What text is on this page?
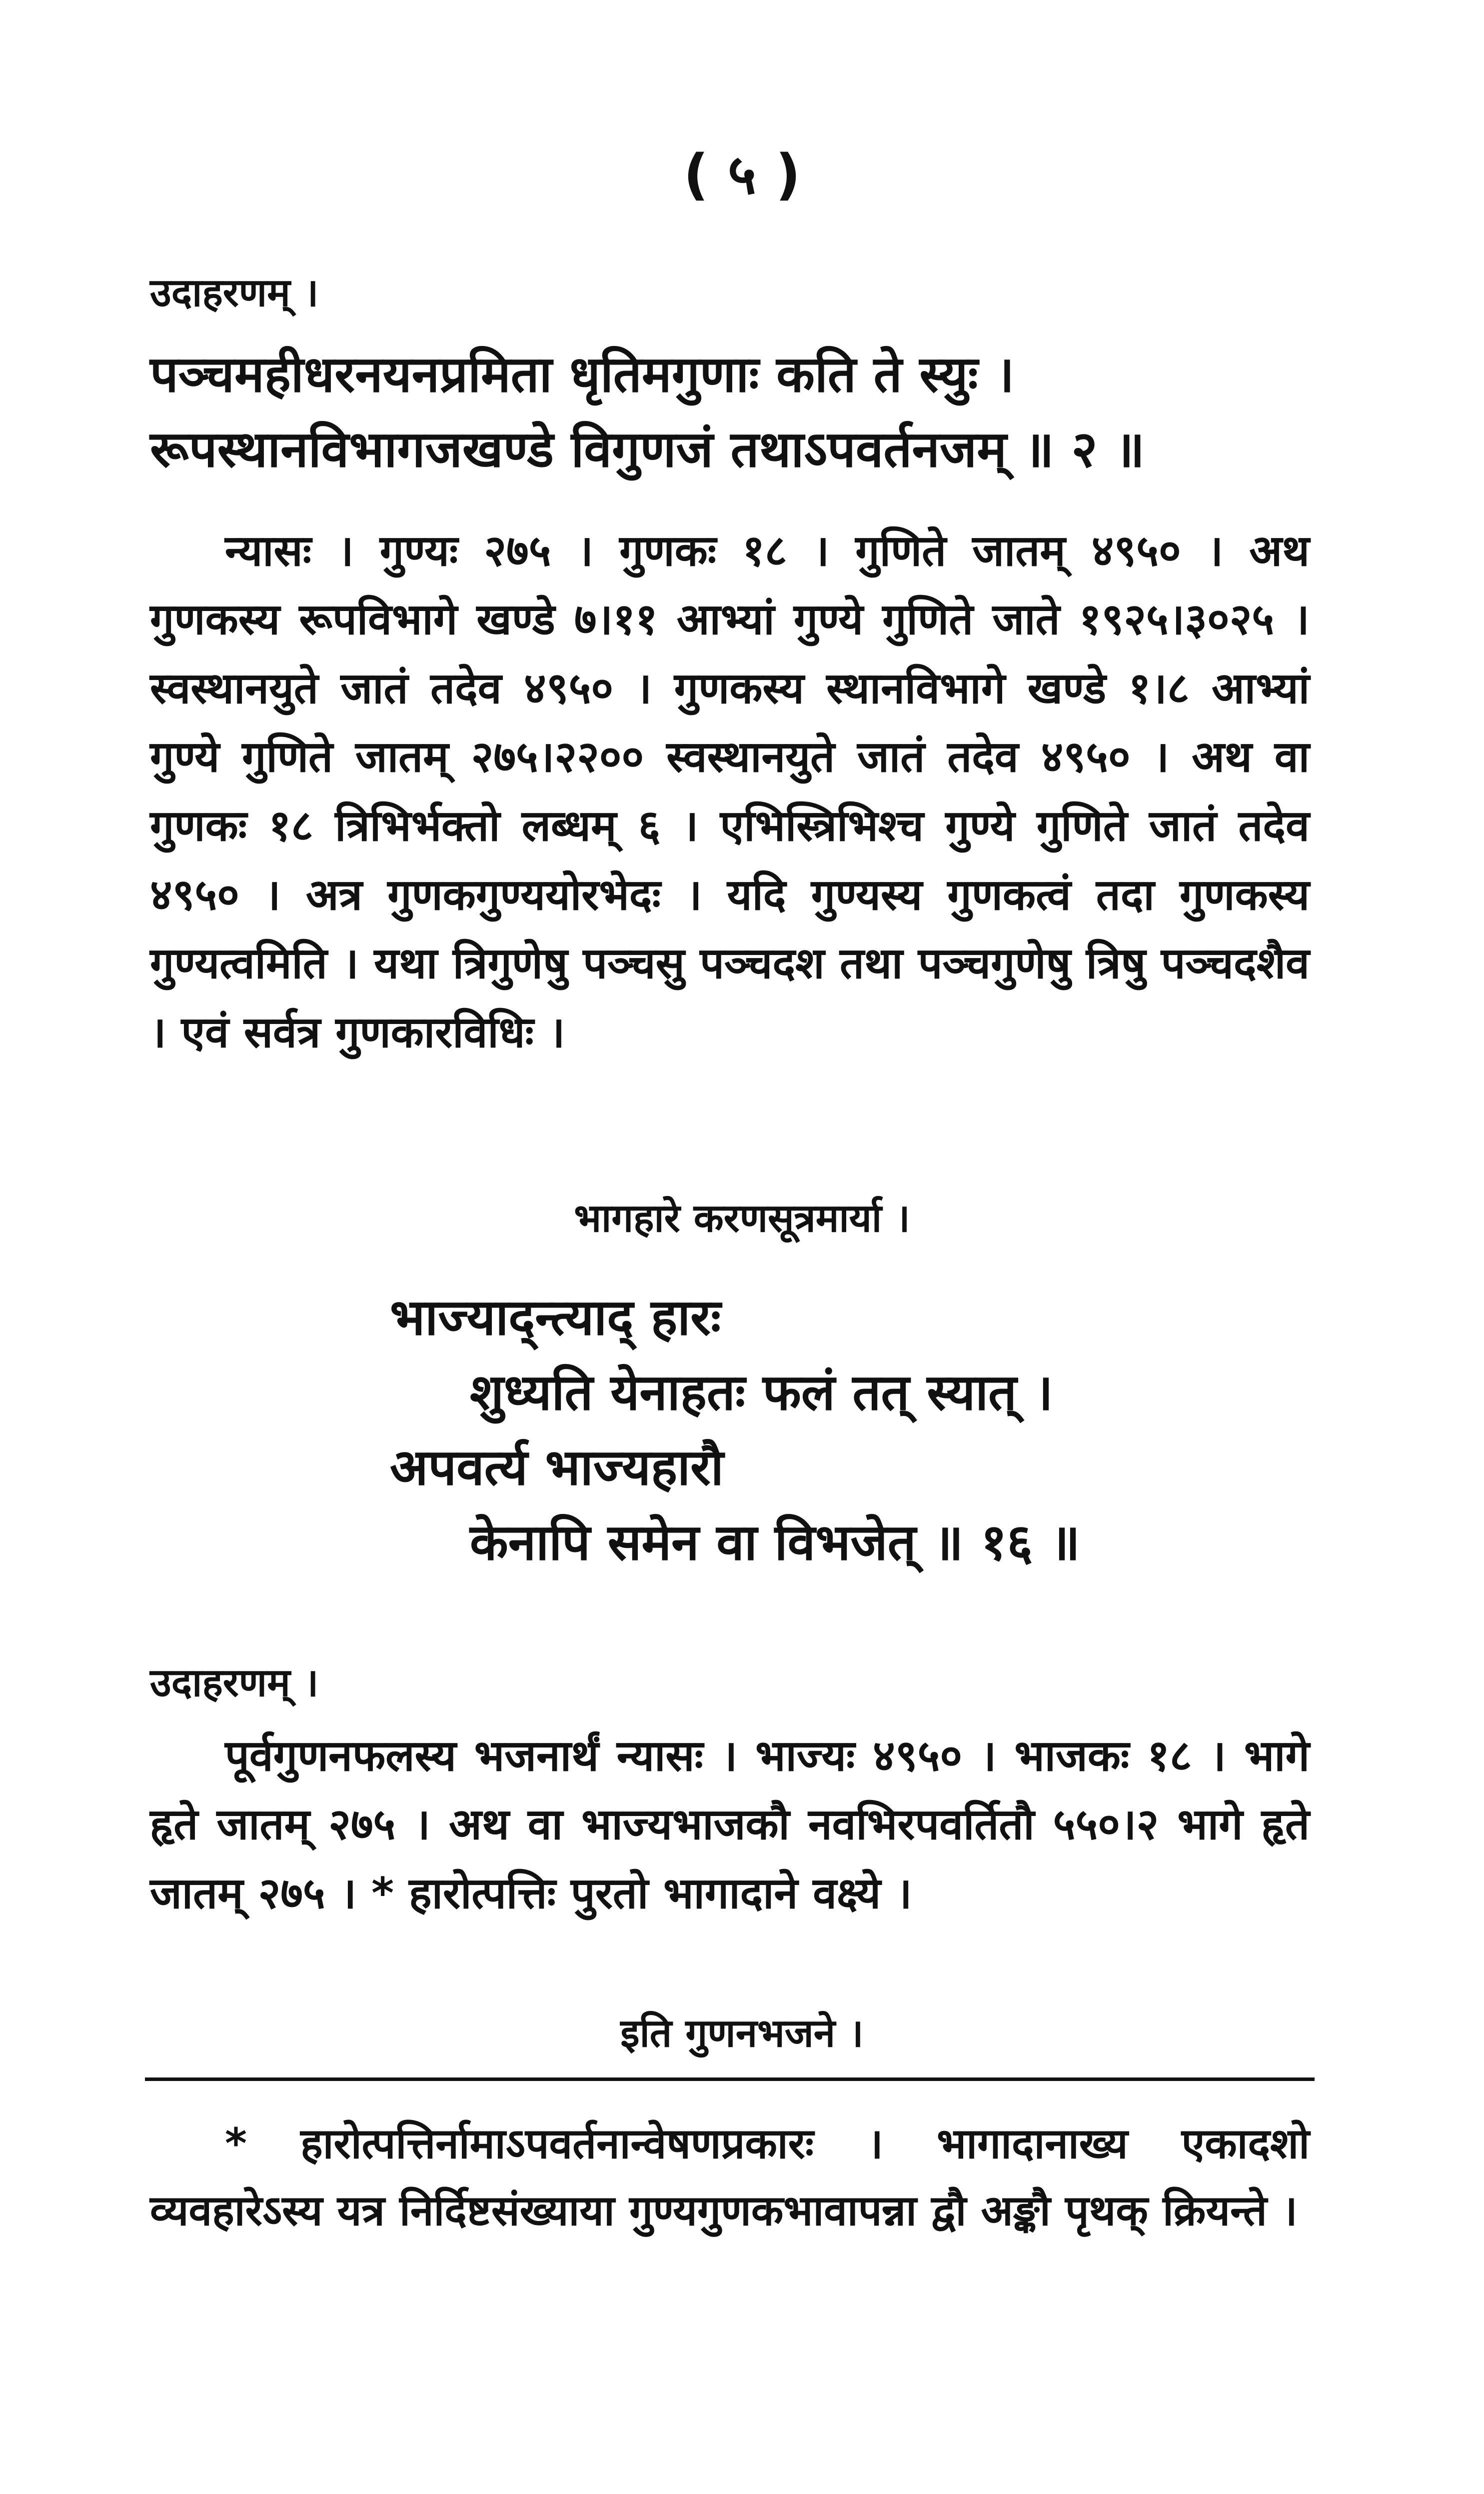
( ५ )
उदाहरणम् ।
पञ्चमहीधरनयनप्रमिता धृतिमगुणाः कति ते स्युः ।
रूपस्थानविभागजखण्डे विगुणजं तथाऽपवर्तनजम् ॥ २ ॥
न्यासः । गुण्यः २७५ । गुणकः १८ । गुणिते जातम् ४९५० । अथ गुणकस्य रूपविभागे खण्डे ७।११ आभ्यां गुण्ये गुणिते जाते १९२५।३०२५ । स्वस्थानयुते जातं तदेव ४९५० । गुणकस्य स्थानविभागे खण्डे १।८ आभ्यां गुण्ये गुणिते जातम् २७५।२२०० स्वस्थानयुते जातं तदेव ४९५० । अथ वा गुणकः १८ त्रिभिर्भक्तो लब्धम् ६ । एभिस्त्रिभिश्च गुण्ये गुणिते जातं तदेव ४९५० । अत्र गुणकगुण्ययोरभेदः । यदि गुण्यस्य गुणकत्वं तदा गुणकस्य गुण्यत्वमिति । यथा त्रिगुणेषु पञ्चसु पञ्चदश तथा पञ्चगुणेषु त्रिषु पञ्चदशैव । एवं सर्वत्र गुणकारविधिः ।
भागहारे करणसूत्रमार्या ।
भाज्याद्न्त्याद् हारः
शुध्यति येनाहतः फलं तत् स्यात् ।
अपवर्त्य भाज्यहारौ
केनापि समेन वा विभजेत् ॥ १६ ॥
उदाहरणम् ।
पूर्वगुणनफलस्य भजनार्थं न्यासः । भाज्यः ४९५० । भाजकः १८ । भागे हृते जातम् २७५ । अथ वा भाज्यभाजकौ नवभिरपवर्तितौ ५५०।२ भागे हृते जातम् २७५ । * हारोत्पत्तिः पुरतो भागादाने वक्ष्ये ।
इति गुणनभजने ।
* हारोत्पत्तिर्नामाऽपवर्तनान्वेषणप्रकारः । भागादानाख्य एकादशो व्यवहारेऽस्य यत्र निर्दिष्टसंख्याया गुण्यगुणकभावापन्ना द्वौ अङ्कौ पृथक् क्रियन्ते ।
